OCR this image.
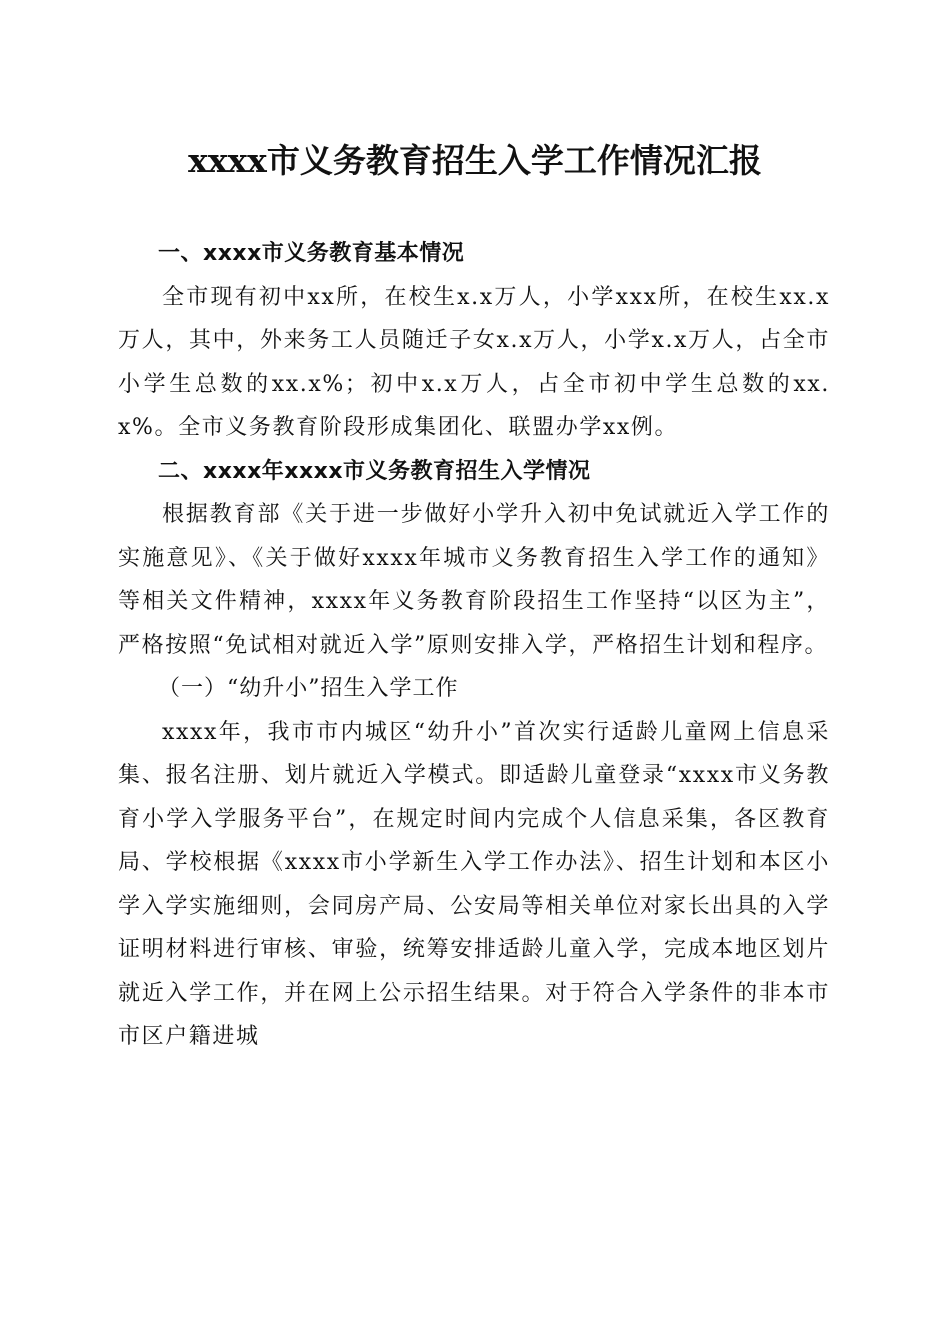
xxxx市义务教育招生入学工作情况汇报

一、xxxx市义务教育基本情况

全市现有初中xx所，在校生x.x万人，小学xxx所，在校生xx.x万人，其中，外来务工人员随迁子女x.x万人，小学x.x万人，占全市小学生总数的xx.x%；初中x.x万人，占全市初中学生总数的xx.x%。全市义务教育阶段形成集团化、联盟办学xx例。

二、xxxx年xxxx市义务教育招生入学情况

根据教育部《关于进一步做好小学升入初中免试就近入学工作的实施意见》、《关于做好xxxx年城市义务教育招生入学工作的通知》等相关文件精神，xxxx年义务教育阶段招生工作坚持“以区为主”，严格按照“免试相对就近入学”原则安排入学，严格招生计划和程序。

（一）“幼升小”招生入学工作

xxxx年，我市市内城区“幼升小”首次实行适龄儿童网上信息采集、报名注册、划片就近入学模式。即适龄儿童登录“xxxx市义务教育小学入学服务平台”，在规定时间内完成个人信息采集，各区教育局、学校根据《xxxx市小学新生入学工作办法》、招生计划和本区小学入学实施细则，会同房产局、公安局等相关单位对家长出具的入学证明材料进行审核、审验，统筹安排适龄儿童入学，完成本地区划片就近入学工作，并在网上公示招生结果。对于符合入学条件的非本市市区户籍进城
